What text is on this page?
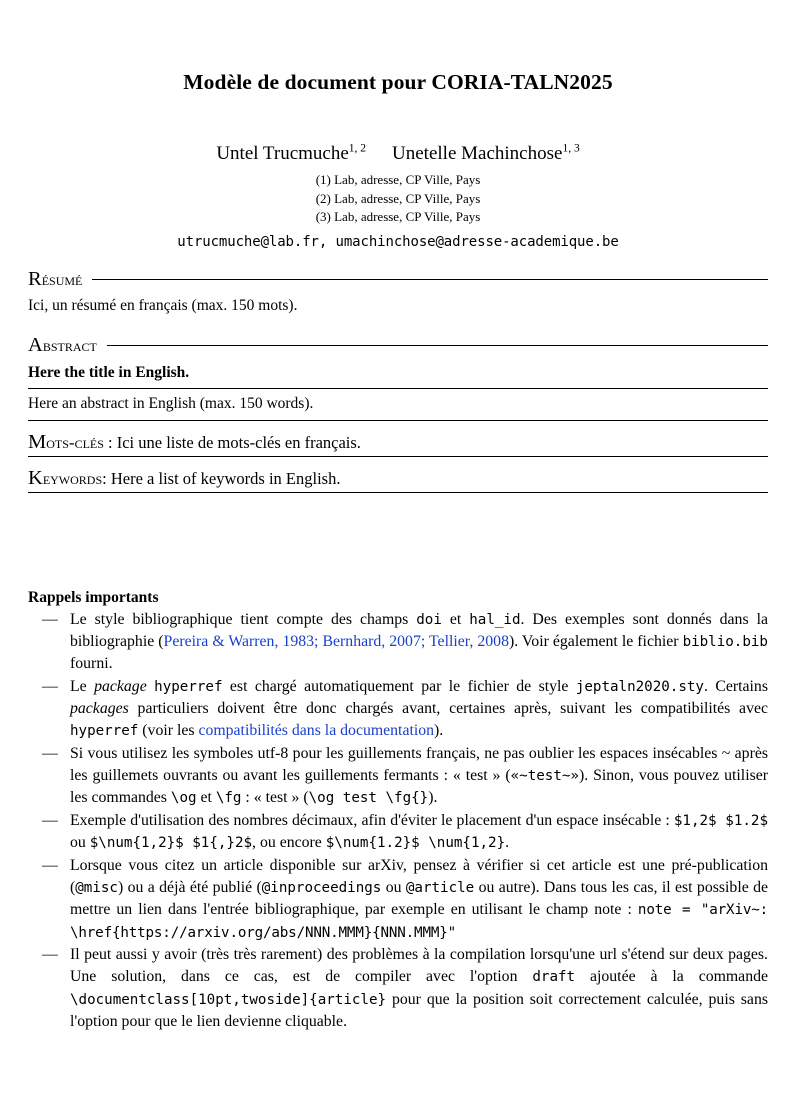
Modèle de document pour CORIA-TALN2025
Untel Trucmuche$^{1, 2}$ Unetelle Machinchose$^{1, 3}$
(1) Lab, adresse, CP Ville, Pays
(2) Lab, adresse, CP Ville, Pays
(3) Lab, adresse, CP Ville, Pays
utrucmuche@lab.fr, umachinchose@adresse-academique.be
Résumé
Ici, un résumé en français (max. 150 mots).
Abstract
Here the title in English.
Here an abstract in English (max. 150 words).
Mots-clés : Ici une liste de mots-clés en français.
Keywords: Here a list of keywords in English.
Rappels importants
— Le style bibliographique tient compte des champs doi et hal_id. Des exemples sont donnés dans la bibliographie (Pereira & Warren, 1983; Bernhard, 2007; Tellier, 2008). Voir également le fichier biblio.bib fourni.
— Le package hyperref est chargé automatiquement par le fichier de style jeptaln2020.sty. Certains packages particuliers doivent être donc chargés avant, certaines après, suivant les compatibilités avec hyperref (voir les compatibilités dans la documentation).
— Si vous utilisez les symboles utf-8 pour les guillements français, ne pas oublier les espaces insécables ~ après les guillemets ouvrants ou avant les guillements fermants : « test » («~test~»). Sinon, vous pouvez utiliser les commandes \og et \fg : « test » (\og test \fg{}).
— Exemple d'utilisation des nombres décimaux, afin d'éviter le placement d'un espace insécable : $1,2$ $1.2$ ou $\num{1,2}$ $1{,}2$, ou encore $\num{1.2}$ \num{1,2}.
— Lorsque vous citez un article disponible sur arXiv, pensez à vérifier si cet article est une pré-publication (@misc) ou a déjà été publié (@inproceedings ou @article ou autre). Dans tous les cas, il est possible de mettre un lien dans l'entrée bibliographique, par exemple en utilisant le champ note : note = "arXiv~: \href{https://arxiv.org/abs/NNN.MMM}{NNN.MMM}"
— Il peut aussi y avoir (très très rarement) des problèmes à la compilation lorsqu'une url s'étend sur deux pages. Une solution, dans ce cas, est de compiler avec l'option draft ajoutée à la commande \documentclass[10pt,twoside]{article} pour que la position soit correctement calculée, puis sans l'option pour que le lien devienne cliquable.
